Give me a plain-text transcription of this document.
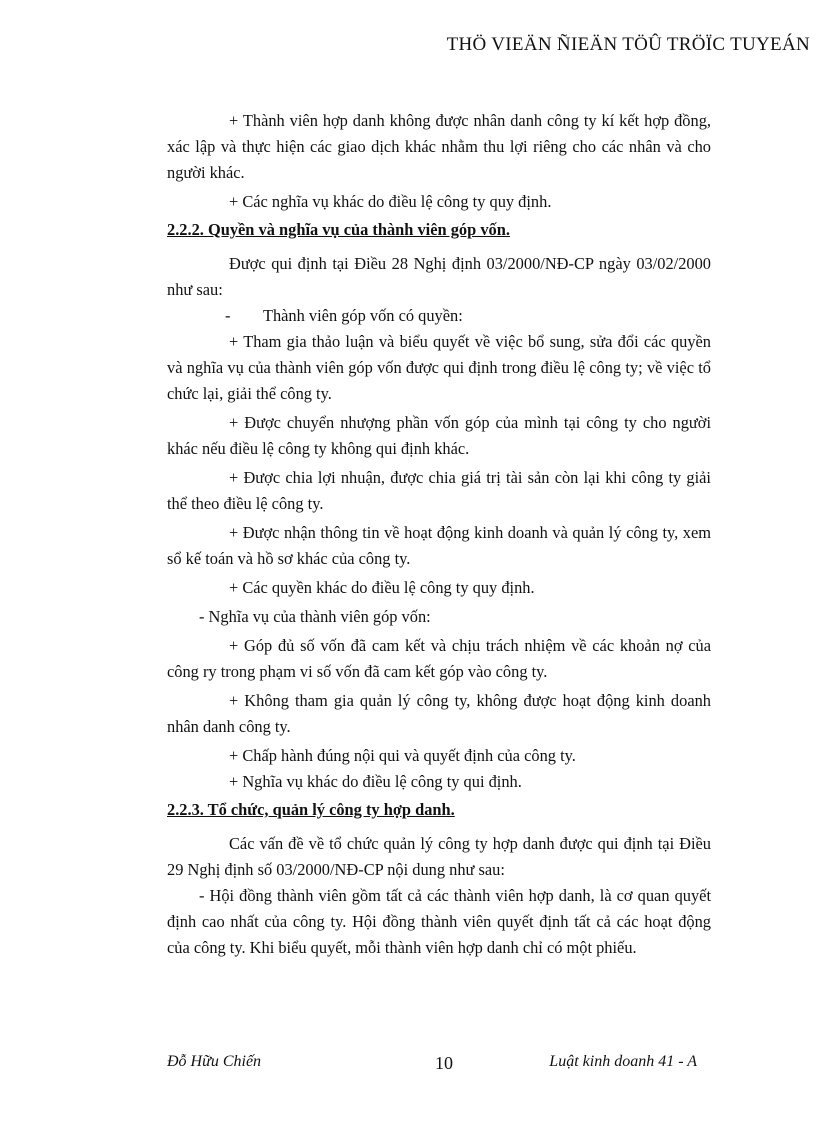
THÖ VIEÄN ÑIEÄN TÖÛ TRÖÏC TUYEÁN

+ Thành viên hợp danh không được nhân danh công ty kí kết hợp đồng, xác lập và thực hiện các giao dịch khác nhằm thu lợi riêng cho các nhân và cho người khác.

+ Các nghĩa vụ khác do điều lệ công ty quy định.

2.2.2. Quyền và nghĩa vụ của thành viên góp vốn.

Được qui định tại Điều 28 Nghị định 03/2000/NĐ-CP ngày 03/02/2000 như sau:

-        Thành viên góp vốn có quyền:

+ Tham gia thảo luận và biểu quyết về việc bổ sung, sửa đổi các quyền và nghĩa vụ của thành viên góp vốn được qui định trong điều lệ công ty; về việc tổ chức lại, giải thể công ty.

+ Được chuyển nhượng phần vốn góp của mình tại công ty cho người khác nếu điều lệ công ty không qui định khác.

+ Được chia lợi nhuận, được chia giá trị tài sản còn lại khi công ty giải thể theo điều lệ công ty.

+ Được nhận thông tin về hoạt động kinh doanh và quản lý công ty, xem sổ kế toán và hồ sơ khác của công ty.

+ Các quyền khác do điều lệ công ty quy định.

- Nghĩa vụ của thành viên góp vốn:

+ Góp đủ số vốn đã cam kết và chịu trách nhiệm về các khoản nợ của công ry trong phạm vi số vốn đã cam kết góp vào công ty.

+ Không tham gia quản lý công ty, không được hoạt động kinh doanh nhân danh công ty.

+ Chấp hành đúng nội qui và quyết định của công ty.

+ Nghĩa vụ khác do điều lệ công ty qui định.

2.2.3. Tổ chức, quản lý công ty hợp danh.

Các vấn đề về tổ chức quản lý công ty hợp danh được qui định tại Điều 29 Nghị định số 03/2000/NĐ-CP nội dung như sau:

- Hội đồng thành viên gồm tất cả các thành viên hợp danh, là cơ quan quyết định cao nhất của công ty. Hội đồng thành viên quyết định tất cả các hoạt động của công ty. Khi biểu quyết, mỗi thành viên hợp danh chỉ có một phiếu.

Đỗ Hữu Chiến	10	Luật kinh doanh 41 - A
